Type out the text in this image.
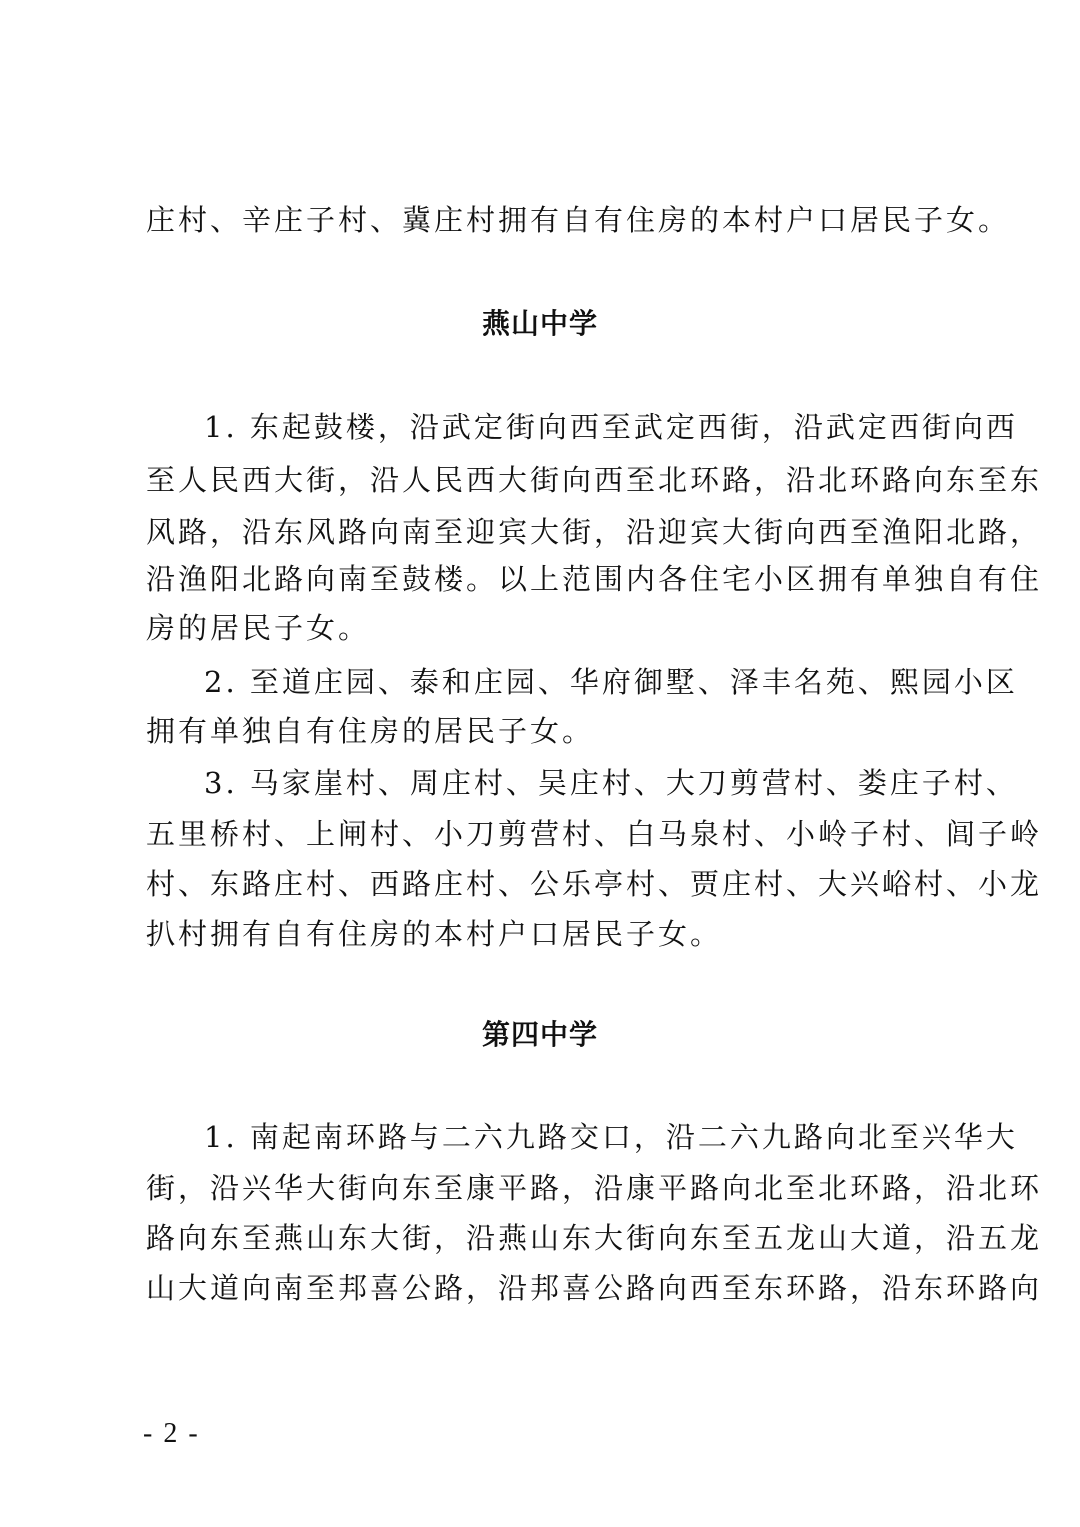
庄村、辛庄子村、冀庄村拥有自有住房的本村户口居民子女。
燕山中学
1. 东起鼓楼，沿武定街向西至武定西街，沿武定西街向西
至人民西大街，沿人民西大街向西至北环路，沿北环路向东至东
风路，沿东风路向南至迎宾大街，沿迎宾大街向西至渔阳北路，
沿渔阳北路向南至鼓楼。以上范围内各住宅小区拥有单独自有住
房的居民子女。
2. 至道庄园、泰和庄园、华府御墅、泽丰名苑、熙园小区
拥有单独自有住房的居民子女。
3. 马家崖村、周庄村、吴庄村、大刀剪营村、娄庄子村、
五里桥村、上闸村、小刀剪营村、白马泉村、小岭子村、闾子岭
村、东路庄村、西路庄村、公乐亭村、贾庄村、大兴峪村、小龙
扒村拥有自有住房的本村户口居民子女。
第四中学
1. 南起南环路与二六九路交口，沿二六九路向北至兴华大
街，沿兴华大街向东至康平路，沿康平路向北至北环路，沿北环
路向东至燕山东大街，沿燕山东大街向东至五龙山大道，沿五龙
山大道向南至邦喜公路，沿邦喜公路向西至东环路，沿东环路向
- 2 -
